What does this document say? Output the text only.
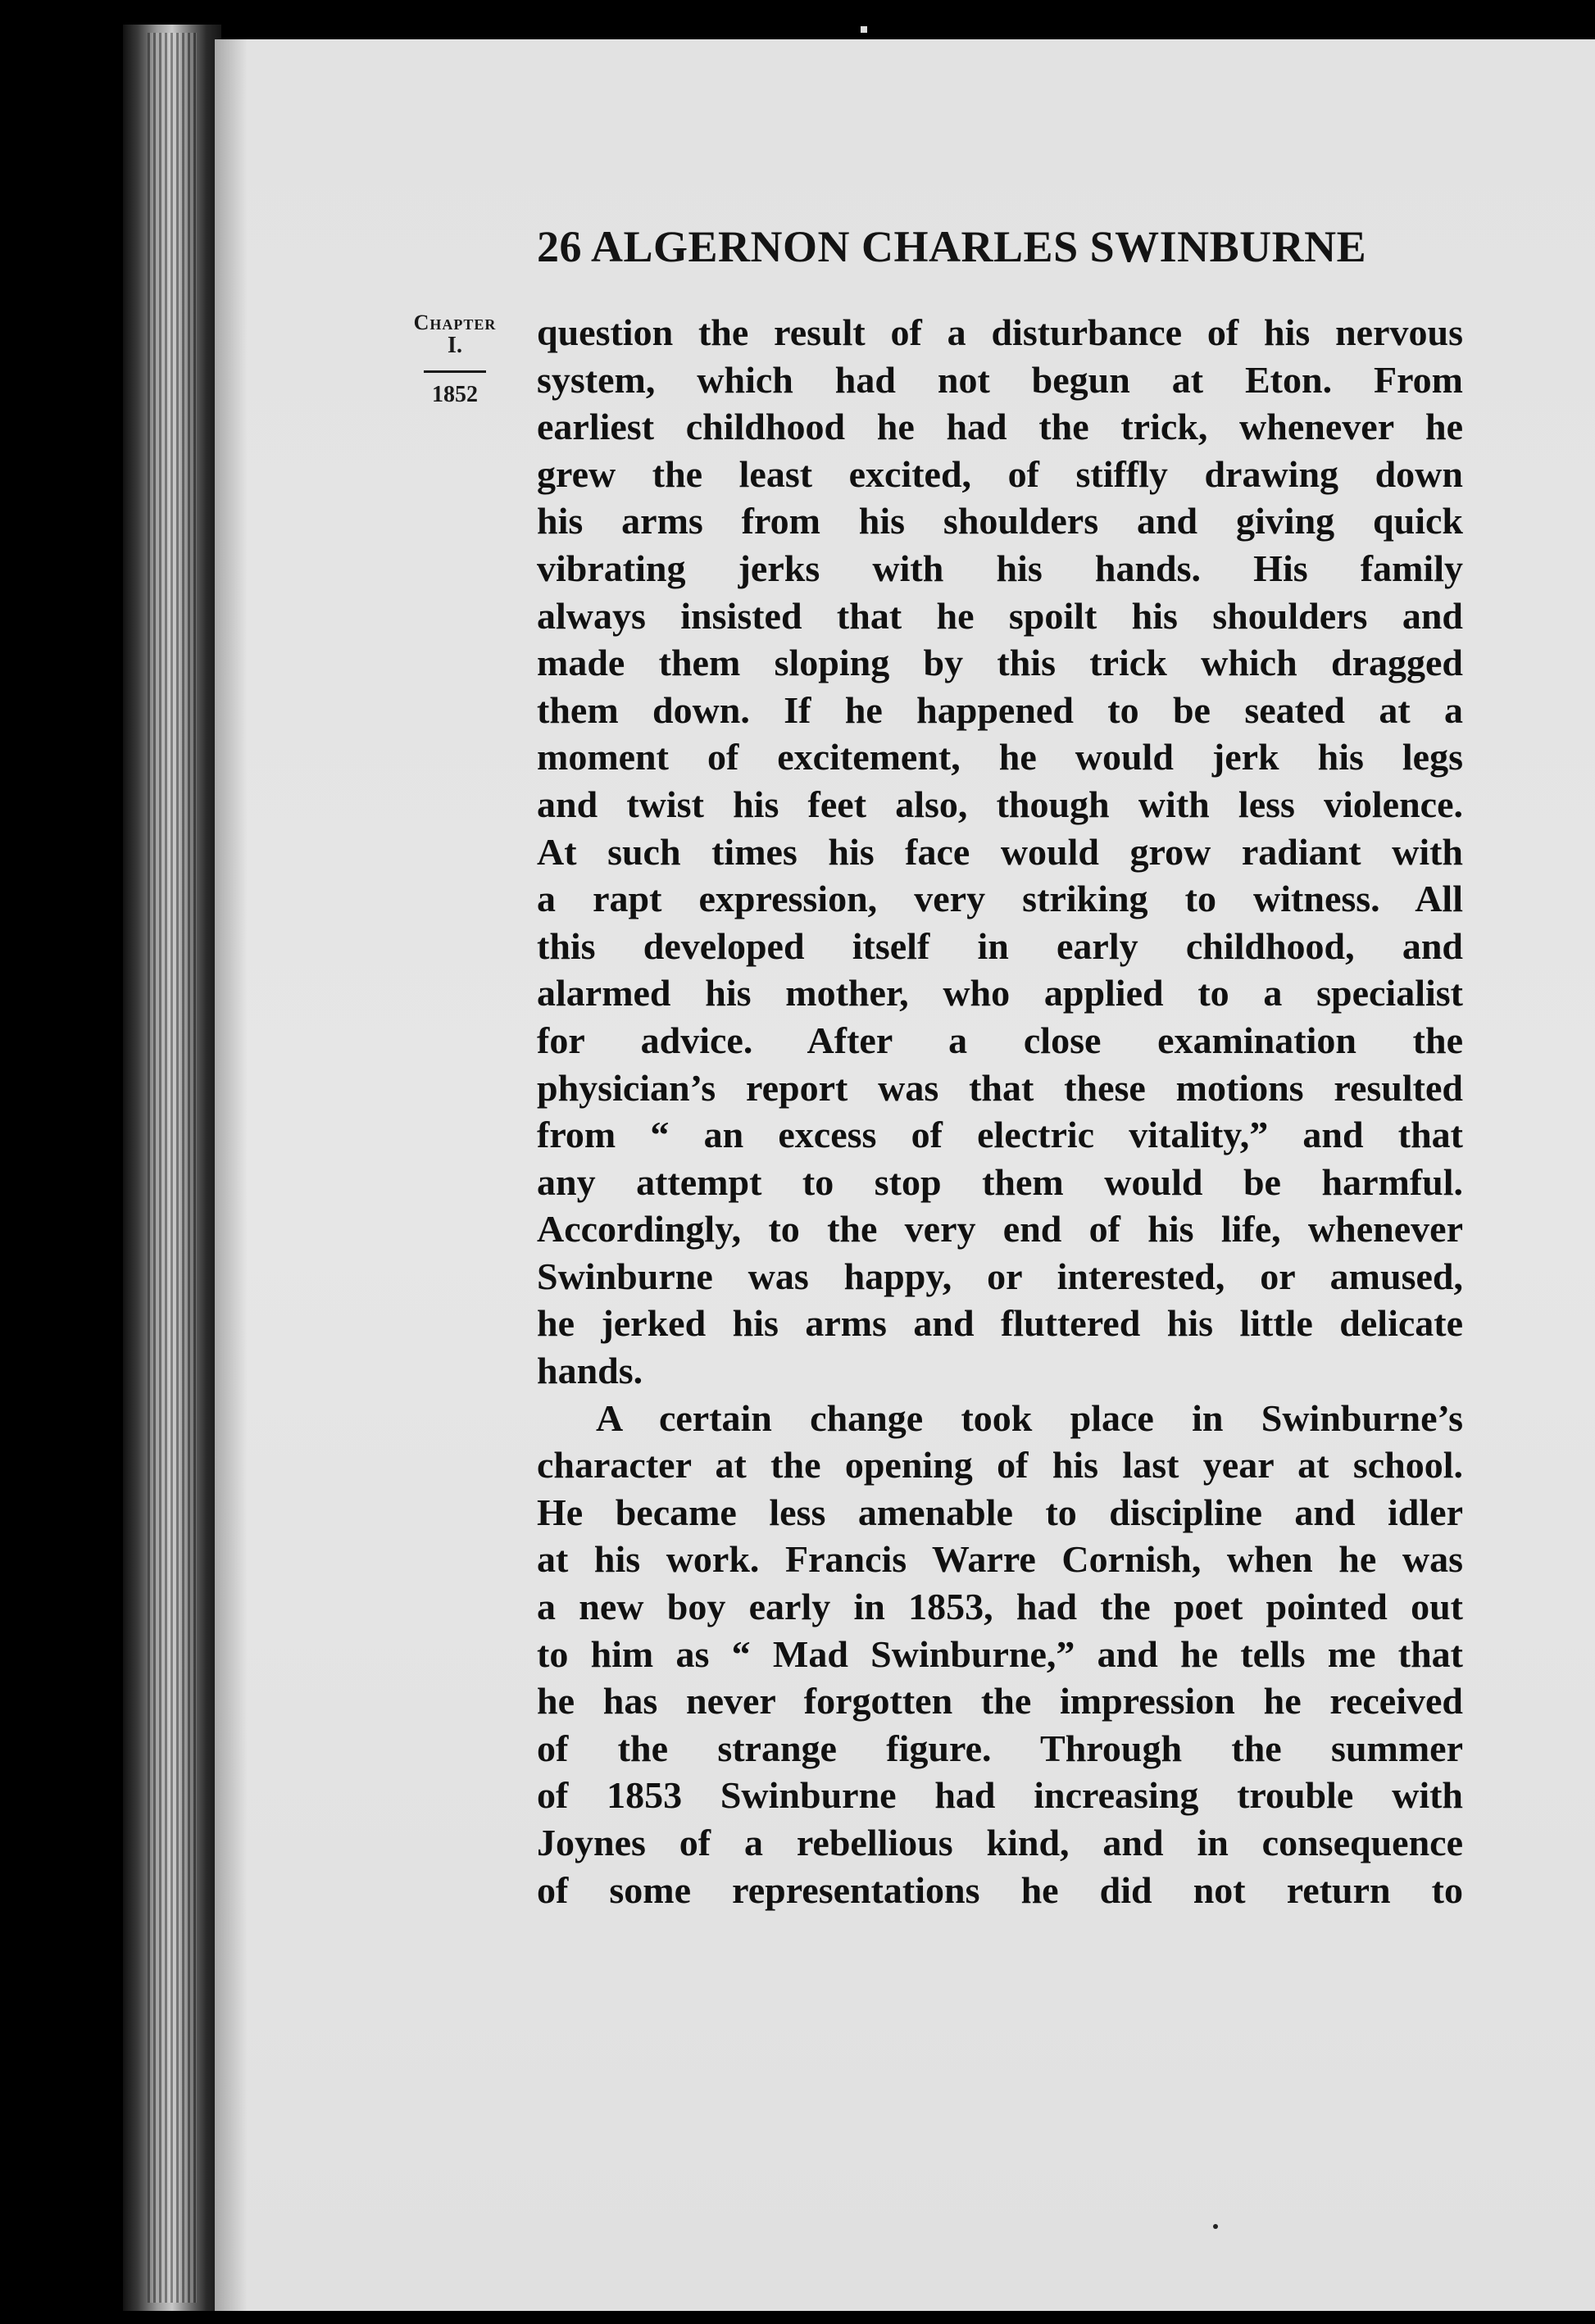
26 ALGERNON CHARLES SWINBURNE
Chapter
I.
1852
question the result of a disturbance of his nervous
system, which had not begun at Eton. From
earliest childhood he had the trick, whenever he
grew the least excited, of stiffly drawing down
his arms from his shoulders and giving quick
vibrating jerks with his hands. His family
always insisted that he spoilt his shoulders and
made them sloping by this trick which dragged
them down. If he happened to be seated at a
moment of excitement, he would jerk his legs
and twist his feet also, though with less violence.
At such times his face would grow radiant with
a rapt expression, very striking to witness. All
this developed itself in early childhood, and
alarmed his mother, who applied to a specialist
for advice. After a close examination the
physician’s report was that these motions resulted
from “ an excess of electric vitality,” and that
any attempt to stop them would be harmful.
Accordingly, to the very end of his life, whenever
Swinburne was happy, or interested, or amused,
he jerked his arms and fluttered his little delicate
hands.
A certain change took place in Swinburne’s
character at the opening of his last year at school.
He became less amenable to discipline and idler
at his work. Francis Warre Cornish, when he was
a new boy early in 1853, had the poet pointed out
to him as “ Mad Swinburne,” and he tells me that
he has never forgotten the impression he received
of the strange figure. Through the summer
of 1853 Swinburne had increasing trouble with
Joynes of a rebellious kind, and in consequence
of some representations he did not return to
